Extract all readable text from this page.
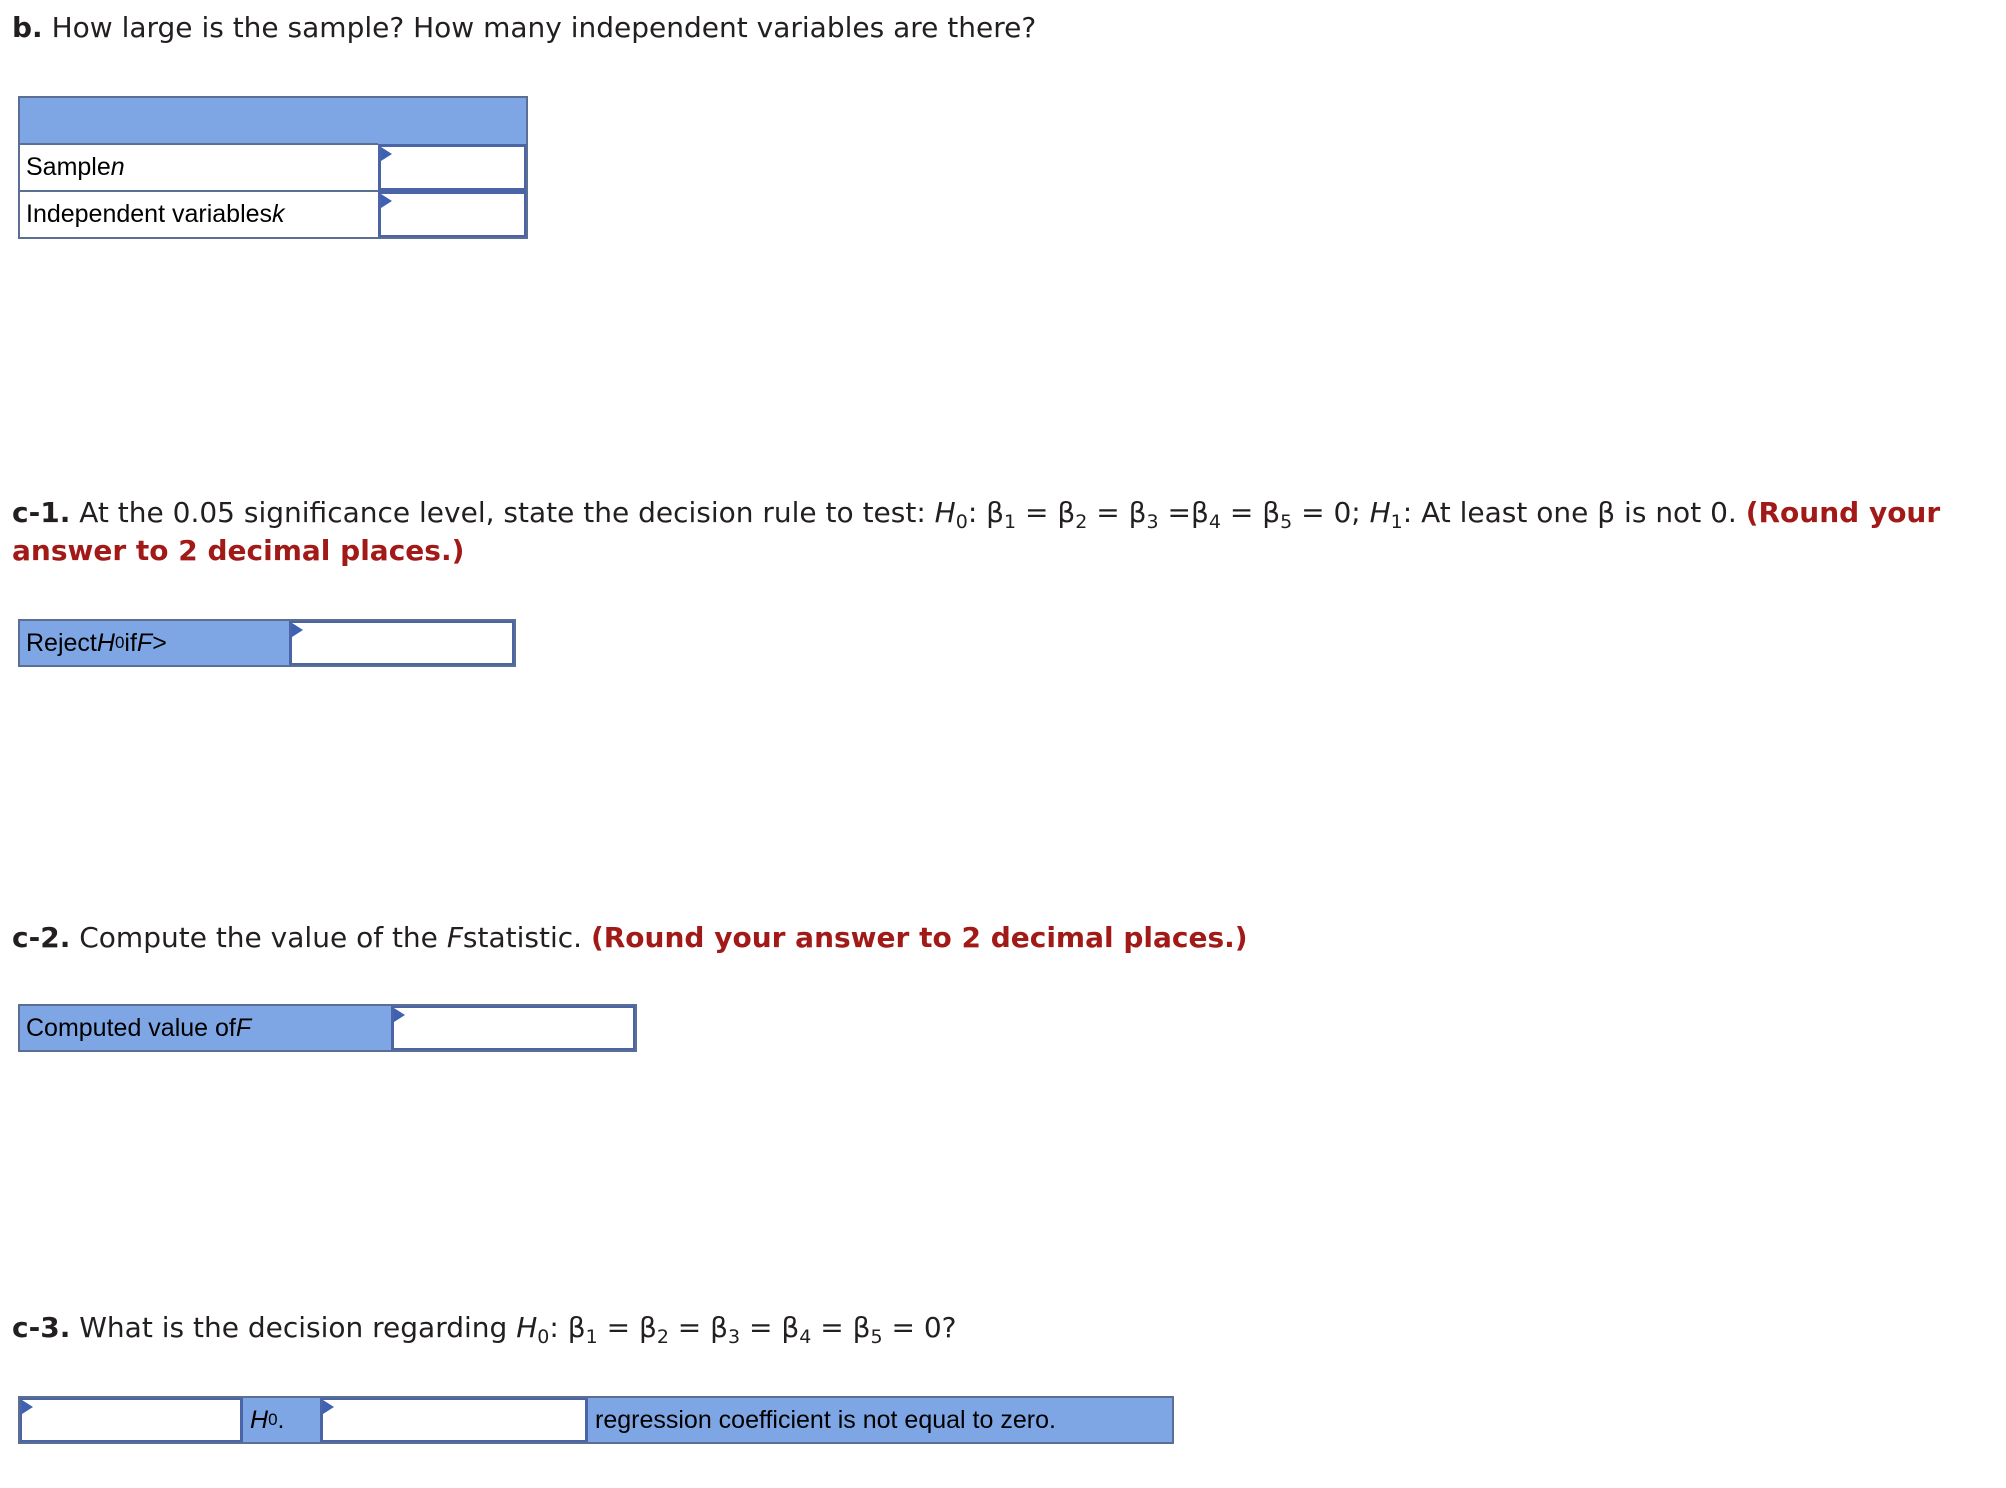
b. How large is the sample? How many independent variables are there?
Sample n
Independent variables k
c-1. At the 0.05 significance level, state the decision rule to test: $H_0$: $\beta_1 = \beta_2 = \beta_3 =\beta_4 = \beta_5 = 0$; $H_1$: At least one β is not 0. (Round your
answer to 2 decimal places.)
Reject H 0 if F >
c-2. Compute the value of the Fstatistic. (Round your answer to 2 decimal places.)
Computed value of F
c-3. What is the decision regarding $H_0$: $\beta_1 = \beta_2 = \beta_3 = \beta_4 = \beta_5 = 0$?
H 0 .	regression coefficient is not equal to zero.
